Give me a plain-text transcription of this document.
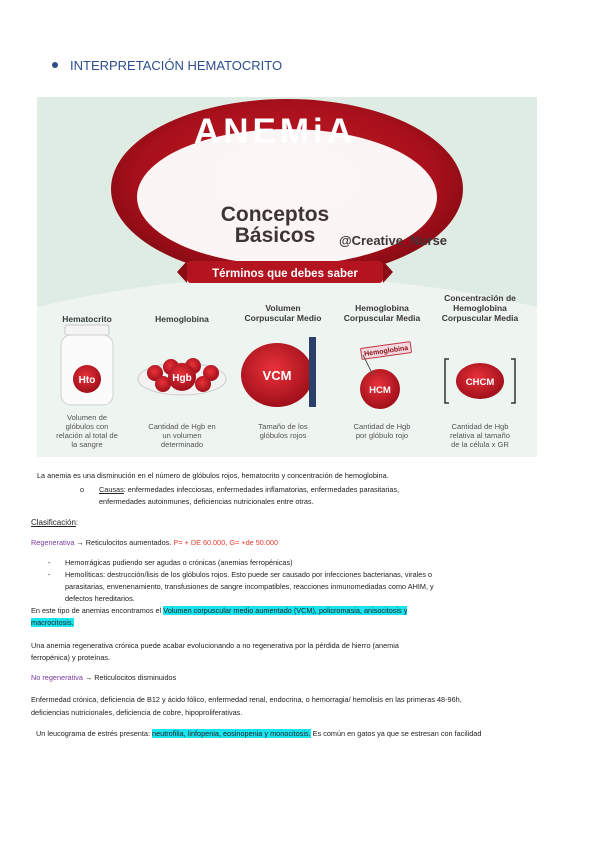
INTERPRETACIÓN HEMATOCRITO
ANEMiA
Conceptos
Básicos @Creative_Nurse
Términos que debes saber
Hematocrito
Hto
Volumen de
glóbulos con
relación al total de
la sangre
Hemoglobina
Hgb
Cantidad de Hgb en
un volumen
determinado
Volumen
Corpuscular Medio
VCM
Tamaño de los
glóbulos rojos
Hemoglobina
Corpuscular Media
Hemoglobina
HCM
Cantidad de Hgb
por glóbulo rojo
Concentración de
Hemoglobina
Corpuscular Media
CHCM
Cantidad de Hgb
relativa al tamaño
de la célula x GR
La anemia es una disminución en el número de glóbulos rojos, hematocrito y concentración de hemoglobina.
o Causas: enfermedades infecciosas, enfermedades inflamatorias, enfermedades parasitarias,
enfermedades autoinmunes, deficiencias nutricionales entre otras.
Clasificación:
Regenerativa → Reticulocitos aumentados. P= + DE 60.000, G= +de 50.000
- Hemorrágicas pudiendo ser agudas o crónicas (anemias ferropénicas)
- Hemolíticas: destrucción/lisis de los glóbulos rojos. Esto puede ser causado por infecciones bacterianas, virales o
parasitarias, envenenamiento, transfusiones de sangre incompatibles, reacciones inmunomediadas como AHIM, y
defectos hereditarios.
En este tipo de anemias encontramos el Volumen corpuscular medio aumentado (VCM), policromasia, anisocitosis y
macrocitosis.
Una anemia regenerativa crónica puede acabar evolucionando a no regenerativa por la pérdida de hierro (anemia
ferropénica) y proteínas.
No regenerativa → Reticulocitos disminuidos
Enfermedad crónica, deficiencia de B12 y ácido fólico, enfermedad renal, endocrina, o hemorragia/ hemolisis en las primeras 48-96h,
deficiencias nutricionales, deficiencia de cobre, hipoproliferativas.
Un leucograma de estrés presenta: neutrofilia, linfopenia, eosinopenia y monocitosis. Es común en gatos ya que se estresan con facilidad
